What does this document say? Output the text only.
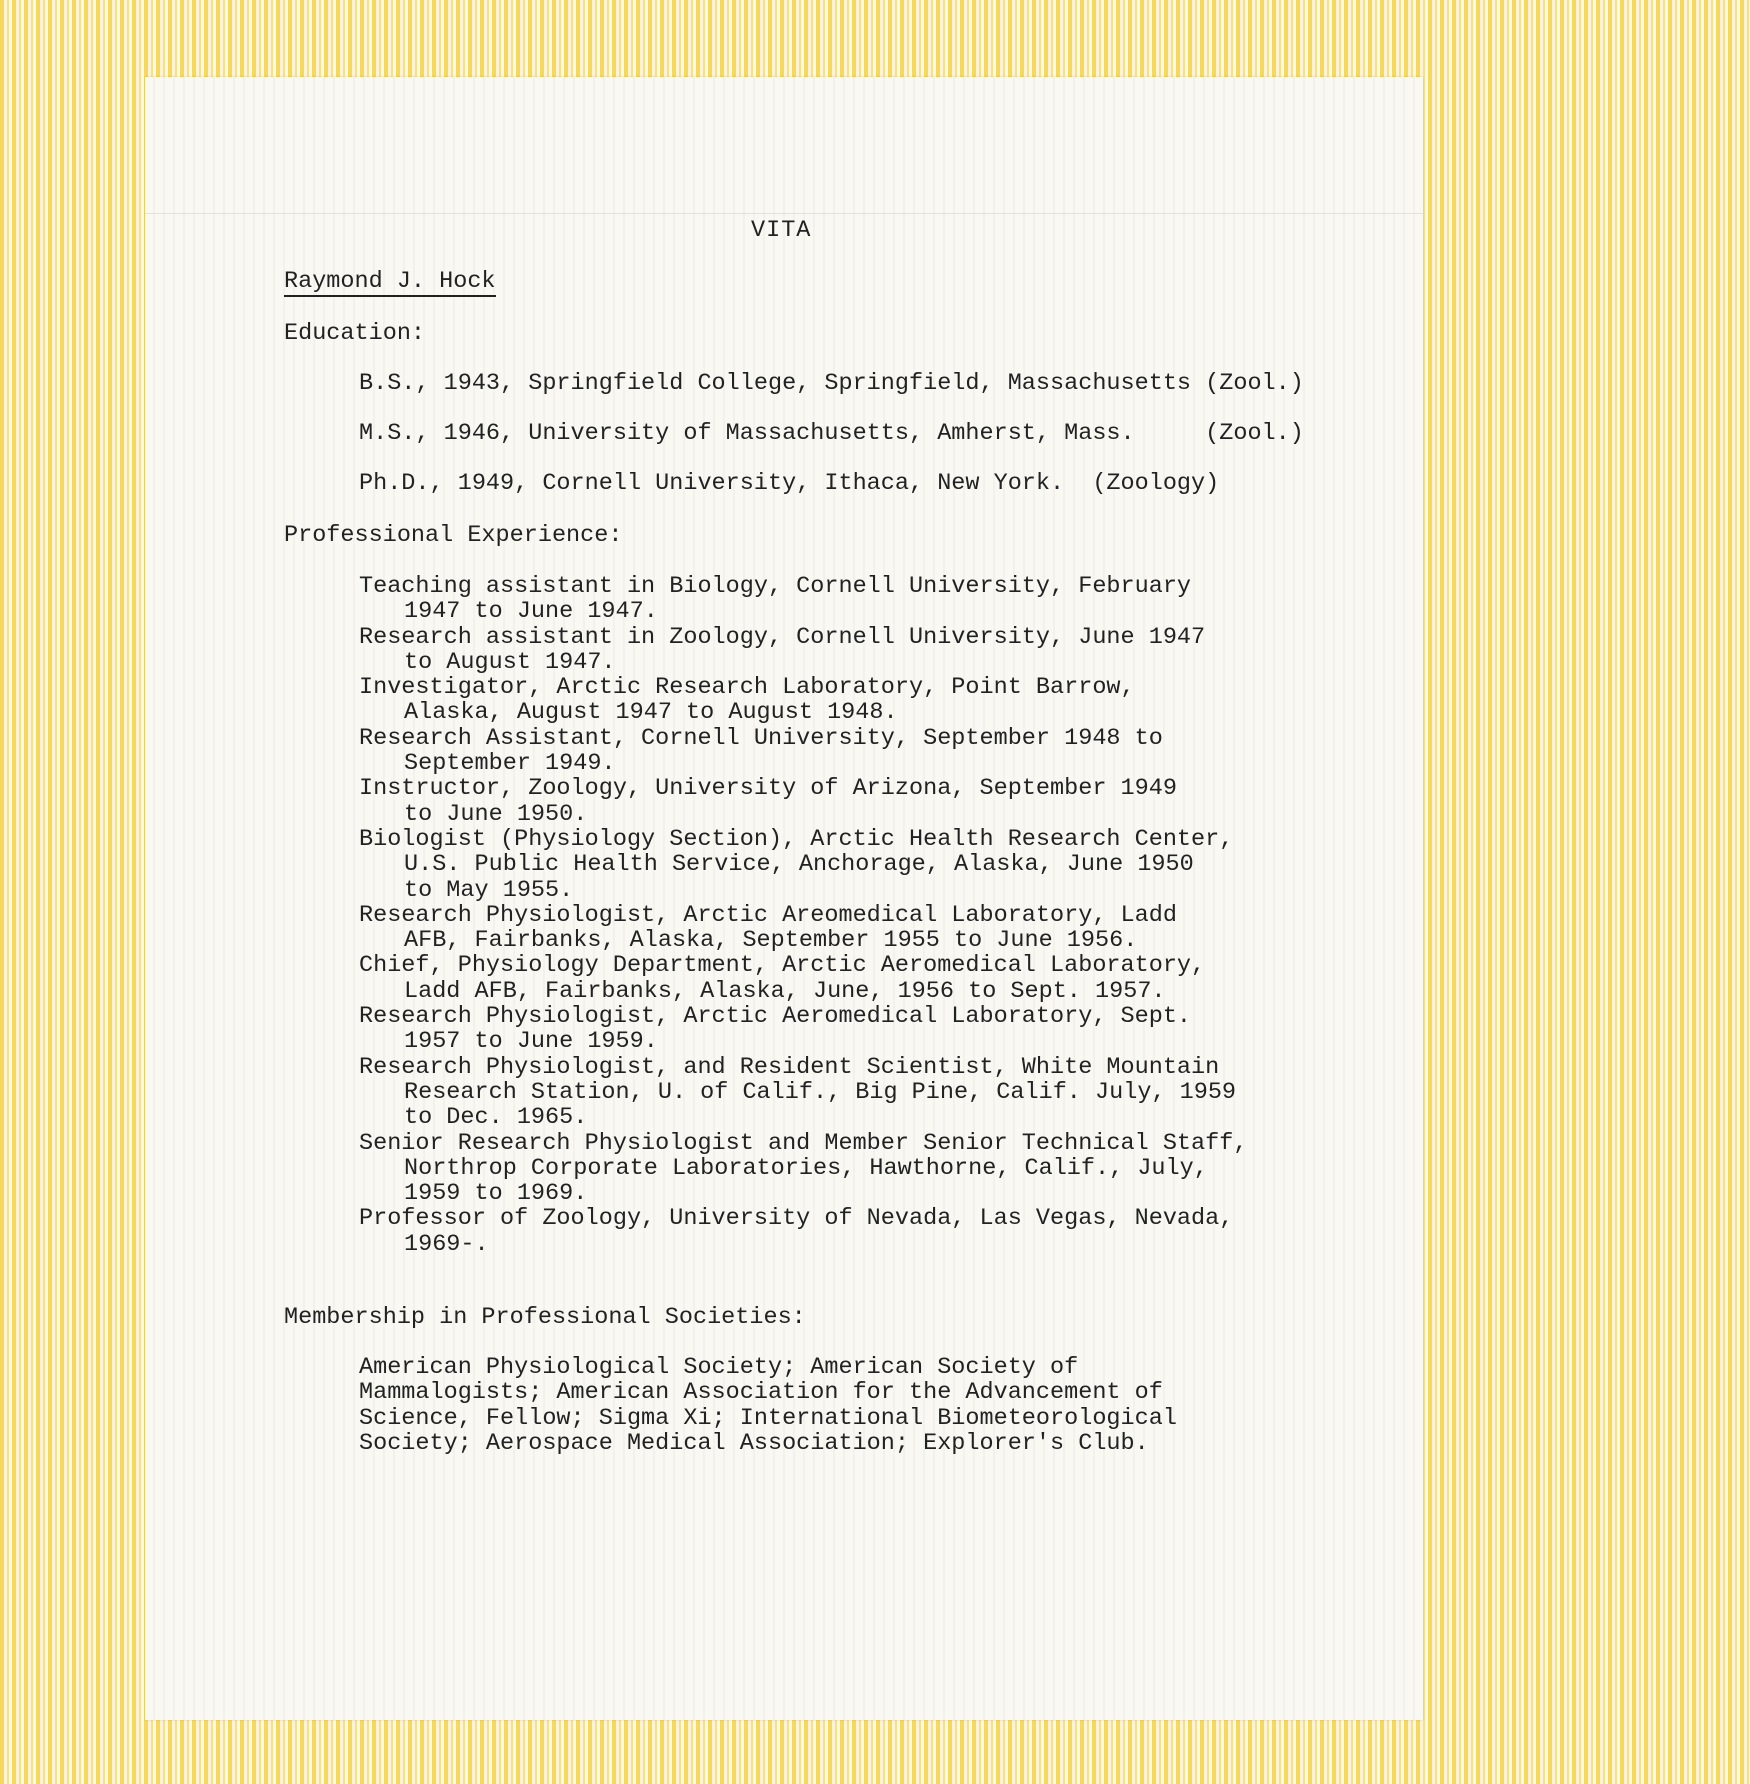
VITA

Raymond J. Hock

Education:

B.S., 1943, Springfield College, Springfield, Massachusetts (Zool.)

M.S., 1946, University of Massachusetts, Amherst, Mass.     (Zool.)

Ph.D., 1949, Cornell University, Ithaca, New York.  (Zoology)

Professional Experience:

Teaching assistant in Biology, Cornell University, February
1947 to June 1947.
Research assistant in Zoology, Cornell University, June 1947
to August 1947.
Investigator, Arctic Research Laboratory, Point Barrow,
Alaska, August 1947 to August 1948.
Research Assistant, Cornell University, September 1948 to
September 1949.
Instructor, Zoology, University of Arizona, September 1949
to June 1950.
Biologist (Physiology Section), Arctic Health Research Center,
U.S. Public Health Service, Anchorage, Alaska, June 1950
to May 1955.
Research Physiologist, Arctic Areomedical Laboratory, Ladd
AFB, Fairbanks, Alaska, September 1955 to June 1956.
Chief, Physiology Department, Arctic Aeromedical Laboratory,
Ladd AFB, Fairbanks, Alaska, June, 1956 to Sept. 1957.
Research Physiologist, Arctic Aeromedical Laboratory, Sept.
1957 to June 1959.
Research Physiologist, and Resident Scientist, White Mountain
Research Station, U. of Calif., Big Pine, Calif. July, 1959
to Dec. 1965.
Senior Research Physiologist and Member Senior Technical Staff,
Northrop Corporate Laboratories, Hawthorne, Calif., July,
1959 to 1969.
Professor of Zoology, University of Nevada, Las Vegas, Nevada,
1969-.

Membership in Professional Societies:

American Physiological Society; American Society of
Mammalogists; American Association for the Advancement of
Science, Fellow; Sigma Xi; International Biometeorological
Society; Aerospace Medical Association; Explorer's Club.
